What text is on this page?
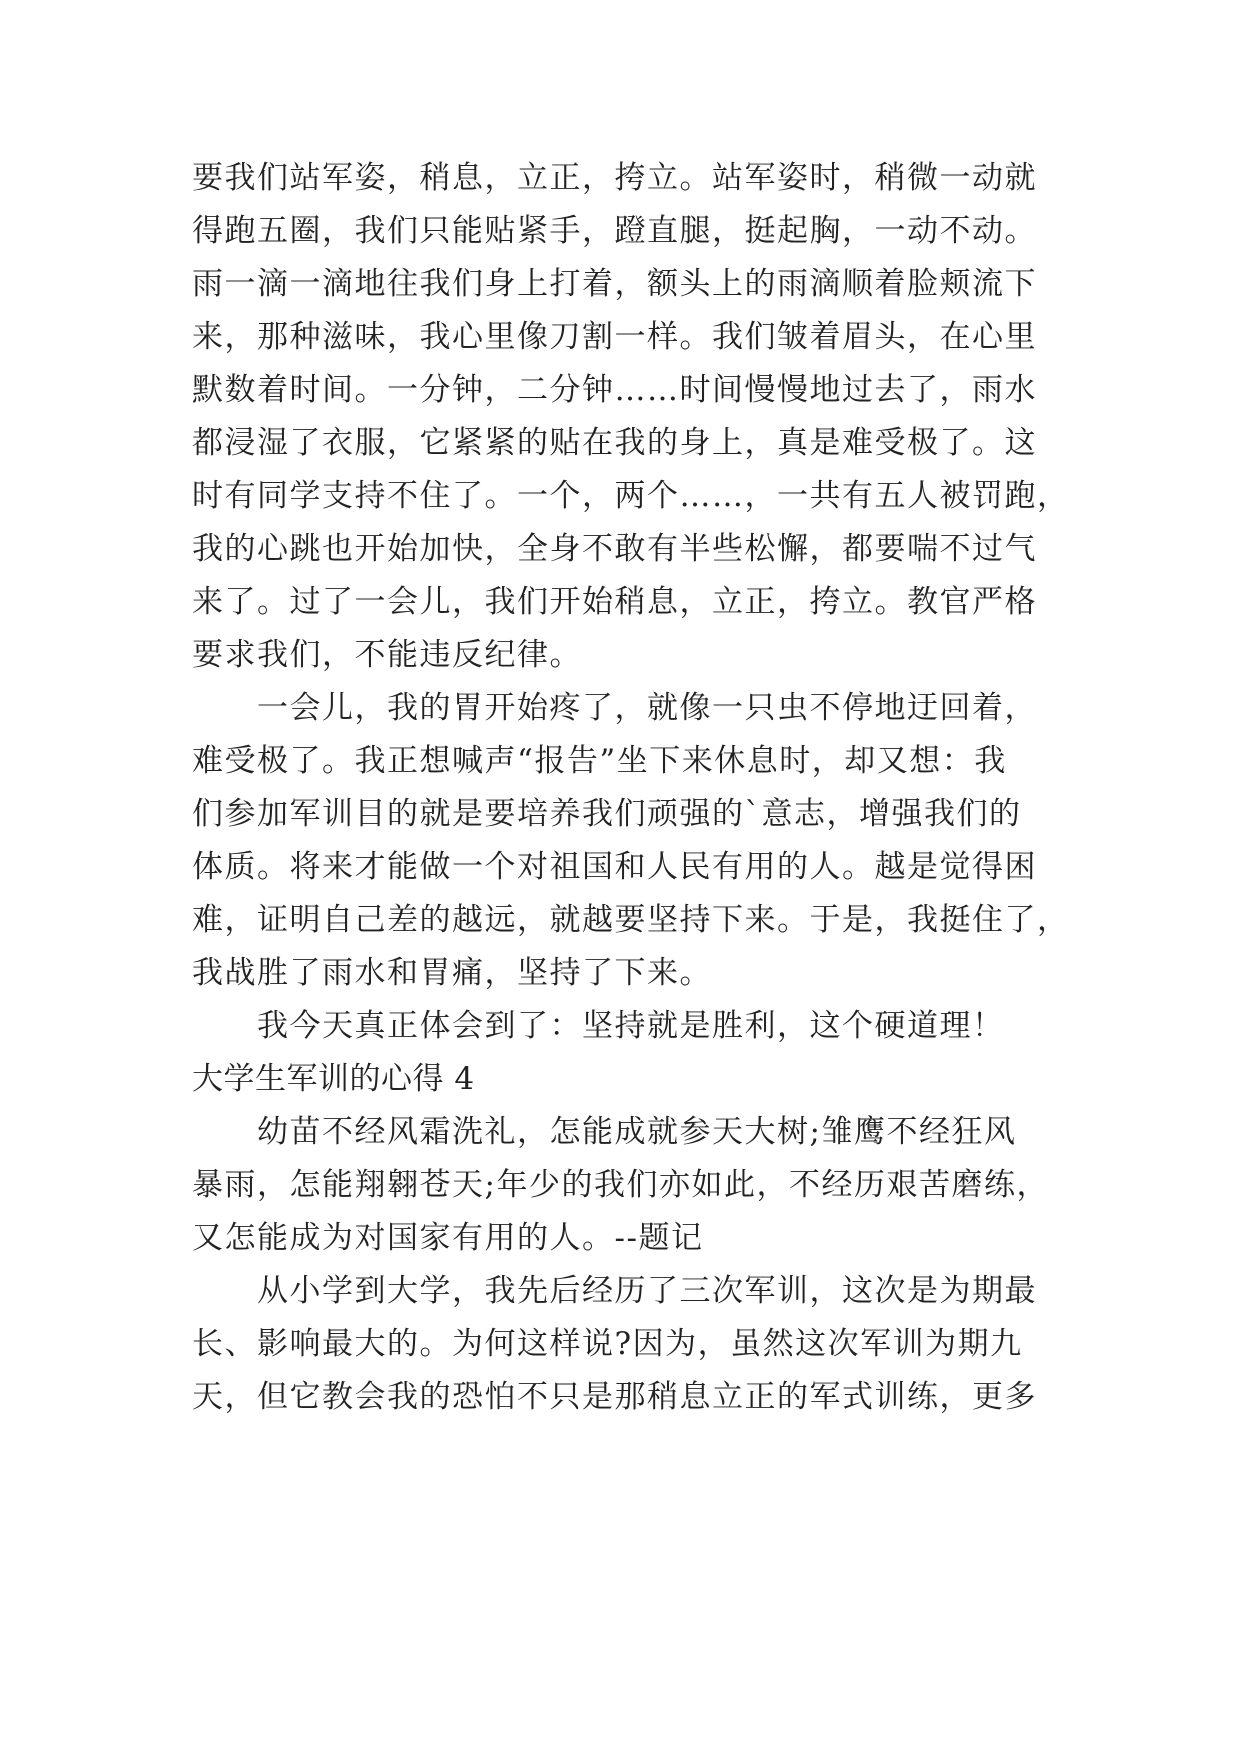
要我们站军姿，稍息，立正，挎立。站军姿时，稍微一动就
得跑五圈，我们只能贴紧手，蹬直腿，挺起胸，一动不动。
雨一滴一滴地往我们身上打着，额头上的雨滴顺着脸颊流下
来，那种滋味，我心里像刀割一样。我们皱着眉头，在心里
默数着时间。一分钟，二分钟……时间慢慢地过去了，雨水
都浸湿了衣服，它紧紧的贴在我的身上，真是难受极了。这
时有同学支持不住了。一个，两个……，一共有五人被罚跑，
我的心跳也开始加快，全身不敢有半些松懈，都要喘不过气
来了。过了一会儿，我们开始稍息，立正，挎立。教官严格
要求我们，不能违反纪律。
　　一会儿，我的胃开始疼了，就像一只虫不停地迂回着，
难受极了。我正想喊声“报告”坐下来休息时，却又想：我
们参加军训目的就是要培养我们顽强的`意志，增强我们的
体质。将来才能做一个对祖国和人民有用的人。越是觉得困
难，证明自己差的越远，就越要坚持下来。于是，我挺住了，
我战胜了雨水和胃痛，坚持了下来。
　　我今天真正体会到了：坚持就是胜利，这个硬道理！
大学生军训的心得 4
　　幼苗不经风霜洗礼，怎能成就参天大树;雏鹰不经狂风
暴雨，怎能翔翱苍天;年少的我们亦如此，不经历艰苦磨练，
又怎能成为对国家有用的人。--题记
　　从小学到大学，我先后经历了三次军训，这次是为期最
长、影响最大的。为何这样说?因为，虽然这次军训为期九
天，但它教会我的恐怕不只是那稍息立正的军式训练，更多
